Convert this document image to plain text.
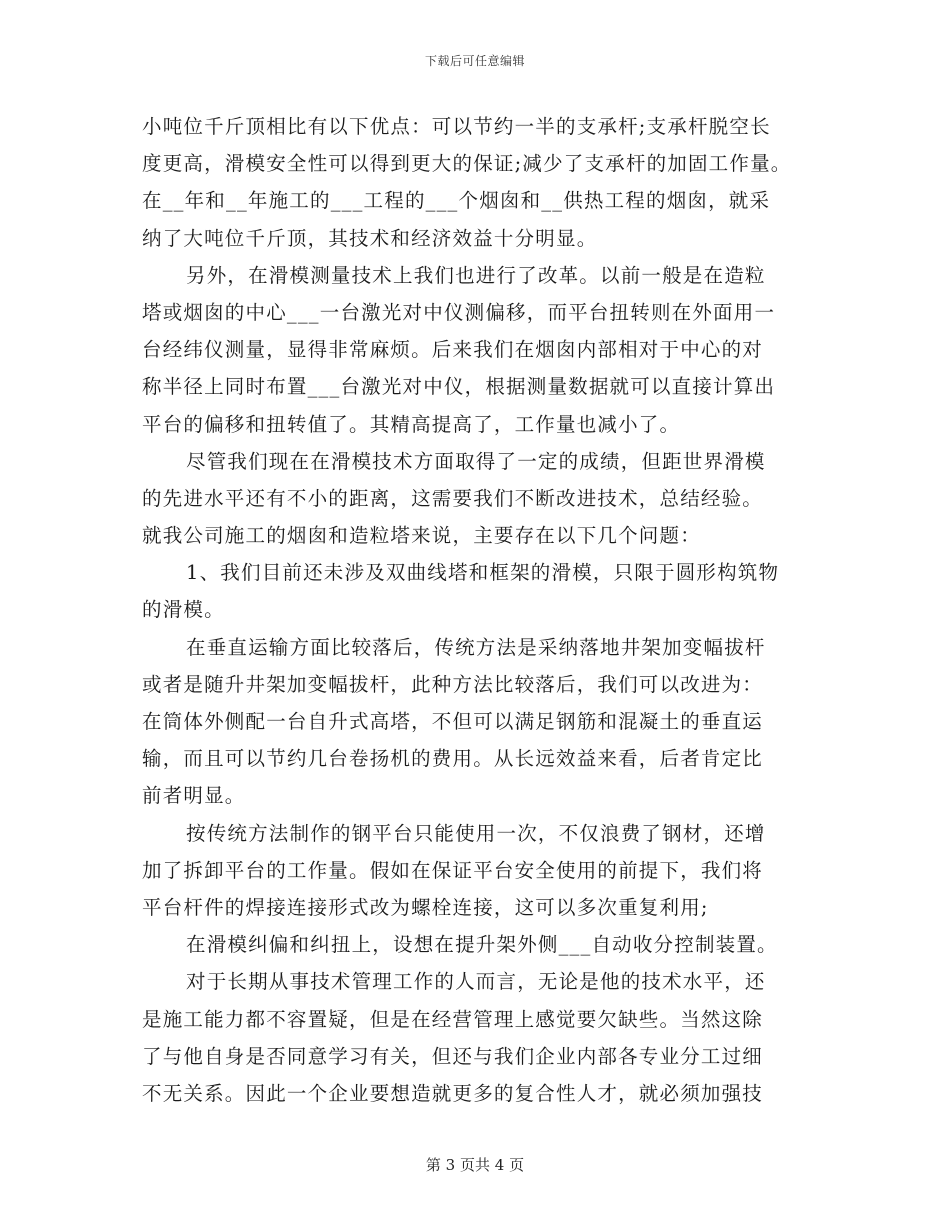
下载后可任意编辑
小吨位千斤顶相比有以下优点：可以节约一半的支承杆;支承杆脱空长
度更高，滑模安全性可以得到更大的保证;减少了支承杆的加固工作量。
在__年和__年施工的___工程的___个烟囱和__供热工程的烟囱，就采
纳了大吨位千斤顶，其技术和经济效益十分明显。
另外，在滑模测量技术上我们也进行了改革。以前一般是在造粒
塔或烟囱的中心___一台激光对中仪测偏移，而平台扭转则在外面用一
台经纬仪测量，显得非常麻烦。后来我们在烟囱内部相对于中心的对
称半径上同时布置___台激光对中仪，根据测量数据就可以直接计算出
平台的偏移和扭转值了。其精高提高了，工作量也减小了。
尽管我们现在在滑模技术方面取得了一定的成绩，但距世界滑模
的先进水平还有不小的距离，这需要我们不断改进技术，总结经验。
就我公司施工的烟囱和造粒塔来说，主要存在以下几个问题：
1、我们目前还未涉及双曲线塔和框架的滑模，只限于圆形构筑物
的滑模。
在垂直运输方面比较落后，传统方法是采纳落地井架加变幅拔杆
或者是随升井架加变幅拔杆，此种方法比较落后，我们可以改进为：
在筒体外侧配一台自升式高塔，不但可以满足钢筋和混凝土的垂直运
输，而且可以节约几台卷扬机的费用。从长远效益来看，后者肯定比
前者明显。
按传统方法制作的钢平台只能使用一次，不仅浪费了钢材，还增
加了拆卸平台的工作量。假如在保证平台安全使用的前提下，我们将
平台杆件的焊接连接形式改为螺栓连接，这可以多次重复利用;
在滑模纠偏和纠扭上，设想在提升架外侧___自动收分控制装置。
对于长期从事技术管理工作的人而言，无论是他的技术水平，还
是施工能力都不容置疑，但是在经营管理上感觉要欠缺些。当然这除
了与他自身是否同意学习有关，但还与我们企业内部各专业分工过细
不无关系。因此一个企业要想造就更多的复合性人才，就必须加强技
第 3 页共 4 页
